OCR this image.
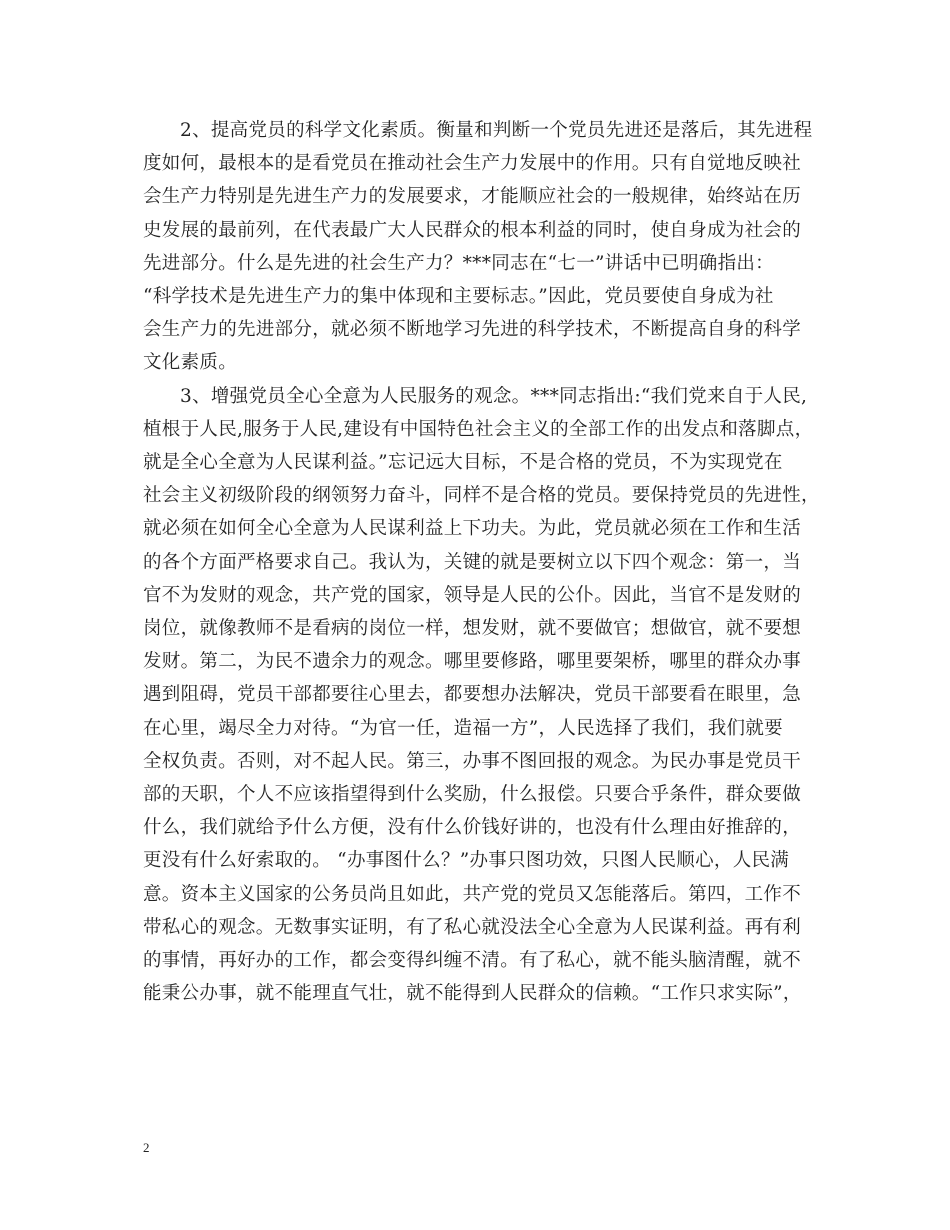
2、提高党员的科学文化素质。衡量和判断一个党员先进还是落后，其先进程
度如何，最根本的是看党员在推动社会生产力发展中的作用。只有自觉地反映社
会生产力特别是先进生产力的发展要求，才能顺应社会的一般规律，始终站在历
史发展的最前列，在代表最广大人民群众的根本利益的同时，使自身成为社会的
先进部分。什么是先进的社会生产力？***同志在“七一”讲话中已明确指出：
“科学技术是先进生产力的集中体现和主要标志。”因此，党员要使自身成为社
会生产力的先进部分，就必须不断地学习先进的科学技术，不断提高自身的科学
文化素质。
3、增强党员全心全意为人民服务的观念。***同志指出:“我们党来自于人民,
植根于人民,服务于人民,建设有中国特色社会主义的全部工作的出发点和落脚点，
就是全心全意为人民谋利益。”忘记远大目标，不是合格的党员，不为实现党在
社会主义初级阶段的纲领努力奋斗，同样不是合格的党员。要保持党员的先进性，
就必须在如何全心全意为人民谋利益上下功夫。为此，党员就必须在工作和生活
的各个方面严格要求自己。我认为，关键的就是要树立以下四个观念：第一，当
官不为发财的观念，共产党的国家，领导是人民的公仆。因此，当官不是发财的
岗位，就像教师不是看病的岗位一样，想发财，就不要做官；想做官，就不要想
发财。第二，为民不遗余力的观念。哪里要修路，哪里要架桥，哪里的群众办事
遇到阻碍，党员干部都要往心里去，都要想办法解决，党员干部要看在眼里，急
在心里，竭尽全力对待。“为官一任，造福一方”，人民选择了我们，我们就要
全权负责。否则，对不起人民。第三，办事不图回报的观念。为民办事是党员干
部的天职，个人不应该指望得到什么奖励，什么报偿。只要合乎条件，群众要做
什么，我们就给予什么方便，没有什么价钱好讲的，也没有什么理由好推辞的，
更没有什么好索取的。 “办事图什么？”办事只图功效，只图人民顺心，人民满
意。资本主义国家的公务员尚且如此，共产党的党员又怎能落后。第四，工作不
带私心的观念。无数事实证明，有了私心就没法全心全意为人民谋利益。再有利
的事情，再好办的工作，都会变得纠缠不清。有了私心，就不能头脑清醒，就不
能秉公办事，就不能理直气壮，就不能得到人民群众的信赖。“工作只求实际”，
2
